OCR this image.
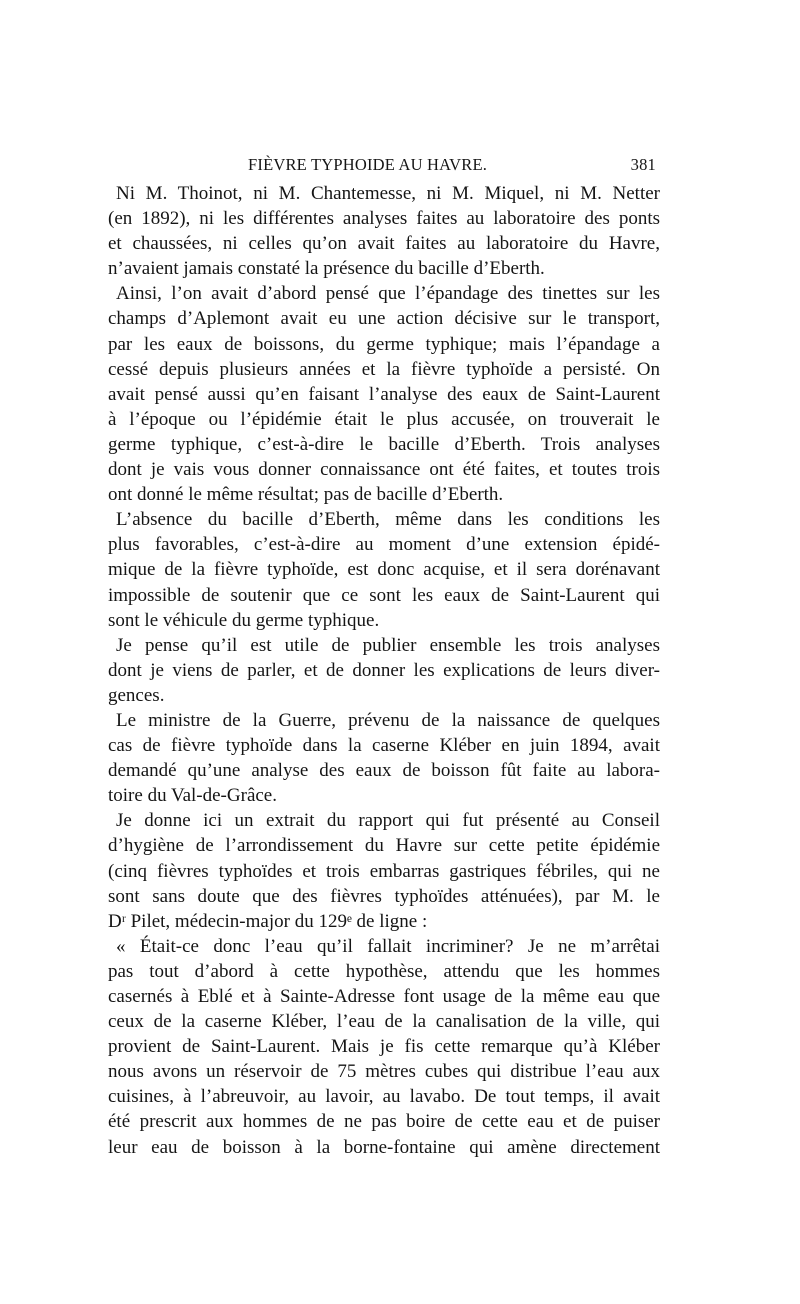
FIÈVRE TYPHOIDE AU HAVRE.	381
Ni M. Thoinot, ni M. Chantemesse, ni M. Miquel, ni M. Netter
(en 1892), ni les différentes analyses faites au laboratoire des ponts
et chaussées, ni celles qu’on avait faites au laboratoire du Havre,
n’avaient jamais constaté la présence du bacille d’Eberth.
Ainsi, l’on avait d’abord pensé que l’épandage des tinettes sur les
champs d’Aplemont avait eu une action décisive sur le transport,
par les eaux de boissons, du germe typhique; mais l’épandage a
cessé depuis plusieurs années et la fièvre typhoïde a persisté. On
avait pensé aussi qu’en faisant l’analyse des eaux de Saint-Laurent
à l’époque ou l’épidémie était le plus accusée, on trouverait le
germe typhique, c’est-à-dire le bacille d’Eberth. Trois analyses
dont je vais vous donner connaissance ont été faites, et toutes trois
ont donné le même résultat; pas de bacille d’Eberth.
L’absence du bacille d’Eberth, même dans les conditions les
plus favorables, c’est-à-dire au moment d’une extension épidé-
mique de la fièvre typhoïde, est donc acquise, et il sera dorénavant
impossible de soutenir que ce sont les eaux de Saint-Laurent qui
sont le véhicule du germe typhique.
Je pense qu’il est utile de publier ensemble les trois analyses
dont je viens de parler, et de donner les explications de leurs diver-
gences.
Le ministre de la Guerre, prévenu de la naissance de quelques
cas de fièvre typhoïde dans la caserne Kléber en juin 1894, avait
demandé qu’une analyse des eaux de boisson fût faite au labora-
toire du Val-de-Grâce.
Je donne ici un extrait du rapport qui fut présenté au Conseil
d’hygiène de l’arrondissement du Havre sur cette petite épidémie
(cinq fièvres typhoïdes et trois embarras gastriques fébriles, qui ne
sont sans doute que des fièvres typhoïdes atténuées), par M. le
Dʳ Pilet, médecin-major du 129ᵉ de ligne :
« Était-ce donc l’eau qu’il fallait incriminer? Je ne m’arrêtai
pas tout d’abord à cette hypothèse, attendu que les hommes
casernés à Eblé et à Sainte-Adresse font usage de la même eau que
ceux de la caserne Kléber, l’eau de la canalisation de la ville, qui
provient de Saint-Laurent. Mais je fis cette remarque qu’à Kléber
nous avons un réservoir de 75 mètres cubes qui distribue l’eau aux
cuisines, à l’abreuvoir, au lavoir, au lavabo. De tout temps, il avait
été prescrit aux hommes de ne pas boire de cette eau et de puiser
leur eau de boisson à la borne-fontaine qui amène directement
